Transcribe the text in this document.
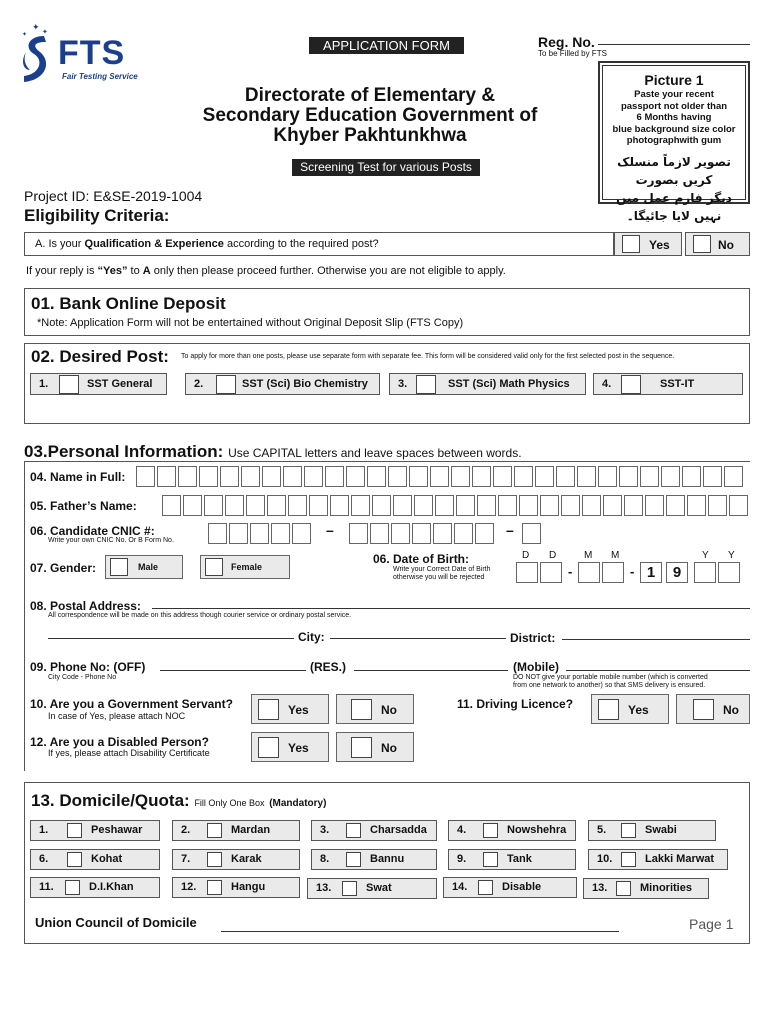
✦
✦
✦ FTS
Fair Testing Service
APPLICATION FORM	Reg. No.
To be Filled by FTS
Directorate of Elementary &
Secondary Education Government of
Khyber Pakhtunkhwa
Screening Test for various Posts
Picture 1
Paste your recent
passport not older than
6 Months having
blue background size color
photographwith gum
تصویر لازماً منسلک کریں بصورت
دیگر فارم عمل میں نہیں لایا جائیگا۔
Project ID: E&SE-2019-1004
Eligibility Criteria:
A. Is your Qualification & Experience according to the required post?	Yes	No
If your reply is “Yes” to A only then please proceed further. Otherwise you are not eligible to apply.
01. Bank Online Deposit
*Note: Application Form will not be entertained without Original Deposit Slip (FTS Copy)
02. Desired Post: To apply for more than one posts, please use separate form with separate fee. This form will be considered valid only for the first selected post in the sequence.
1.	SST General	2.	SST (Sci) Bio Chemistry	3.	SST (Sci) Math Physics	4.	SST-IT
03.Personal Information: Use CAPITAL letters and leave spaces between words.
04. Name in Full:
05. Father’s Name:
06. Candidate CNIC #:
Write your own CNIC No. Or B Form No.
–	–
07. Gender:	Male	Female
06. Date of Birth:
Write your Correct Date of Birth
otherwise you will be rejected
D D	M M	Y Y
-	- 1	9
08. Postal Address:
All correspondence will be made on this address though courier service or ordinary postal service.
City:	District:
09. Phone No: (OFF)	(RES.)	(Mobile)
City Code - Phone No	DO NOT give your portable mobile number (which is converted
from one network to another) so that SMS delivery is ensured.
10. Are you a Government Servant?
In case of Yes, please attach NOC	Yes	No	11. Driving Licence?	Yes	No
12. Are you a Disabled Person?
If yes, please attach Disability Certificate	Yes	No
13. Domicile/Quota: Fill Only One Box (Mandatory)
Union Council of Domicile	Page 1
1.	Peshawar	2.	Mardan	3.	Charsadda	4.	Nowshehra	5.	Swabi
6.	Kohat	7.	Karak	8.	Bannu	9.	Tank	10.	Lakki Marwat
11.	D.I.Khan	12.	Hangu	13.	Swat	14.	Disable	13.	Minorities
